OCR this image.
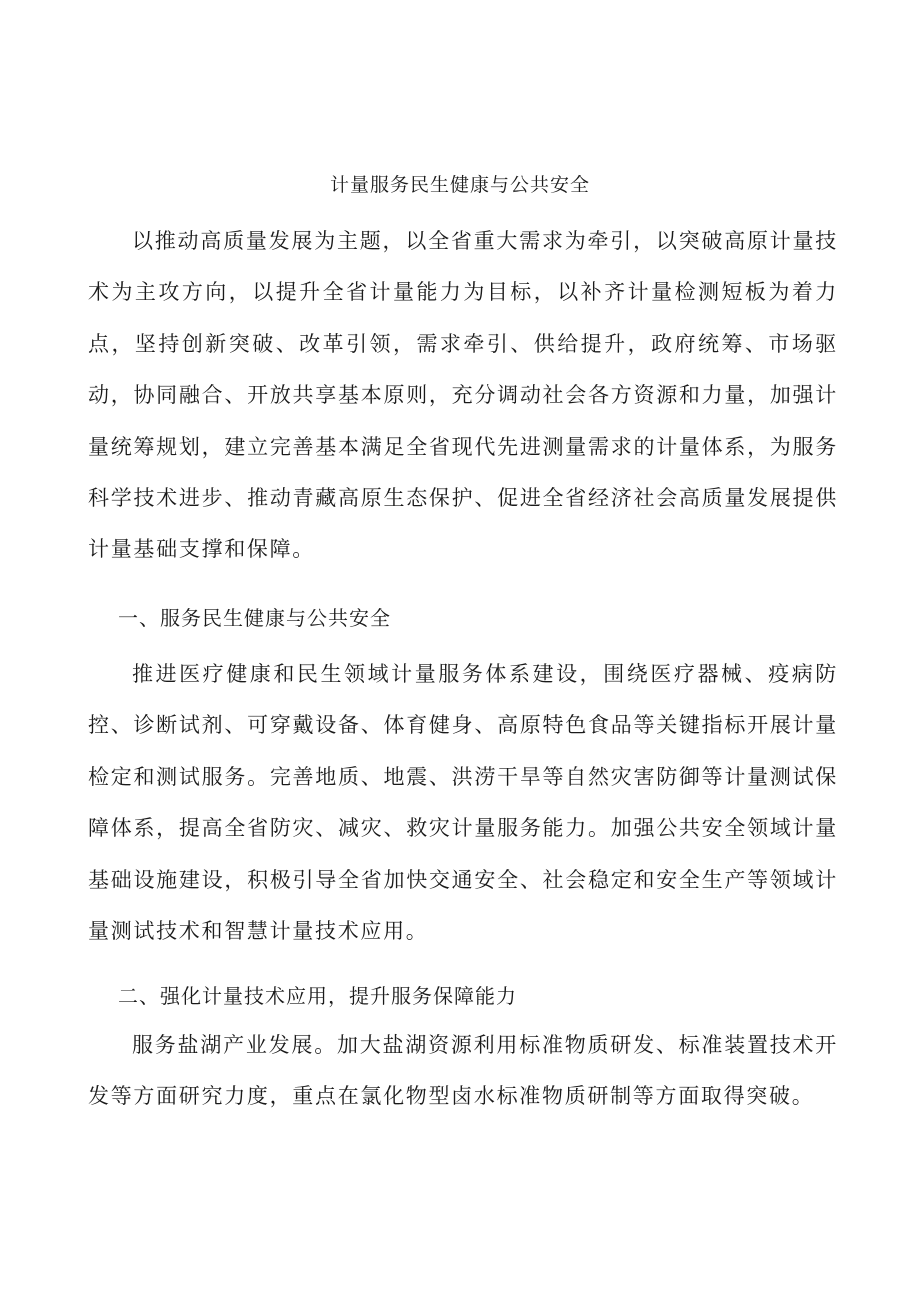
计量服务民生健康与公共安全

以推动高质量发展为主题，以全省重大需求为牵引，以突破高原计量技术为主攻方向，以提升全省计量能力为目标，以补齐计量检测短板为着力点，坚持创新突破、改革引领，需求牵引、供给提升，政府统筹、市场驱动，协同融合、开放共享基本原则，充分调动社会各方资源和力量，加强计量统筹规划，建立完善基本满足全省现代先进测量需求的计量体系，为服务科学技术进步、推动青藏高原生态保护、促进全省经济社会高质量发展提供计量基础支撑和保障。

一、服务民生健康与公共安全

推进医疗健康和民生领域计量服务体系建设，围绕医疗器械、疫病防控、诊断试剂、可穿戴设备、体育健身、高原特色食品等关键指标开展计量检定和测试服务。完善地质、地震、洪涝干旱等自然灾害防御等计量测试保障体系，提高全省防灾、减灾、救灾计量服务能力。加强公共安全领域计量基础设施建设，积极引导全省加快交通安全、社会稳定和安全生产等领域计量测试技术和智慧计量技术应用。

二、强化计量技术应用，提升服务保障能力

服务盐湖产业发展。加大盐湖资源利用标准物质研发、标准装置技术开发等方面研究力度，重点在氯化物型卤水标准物质研制等方面取得突破。
